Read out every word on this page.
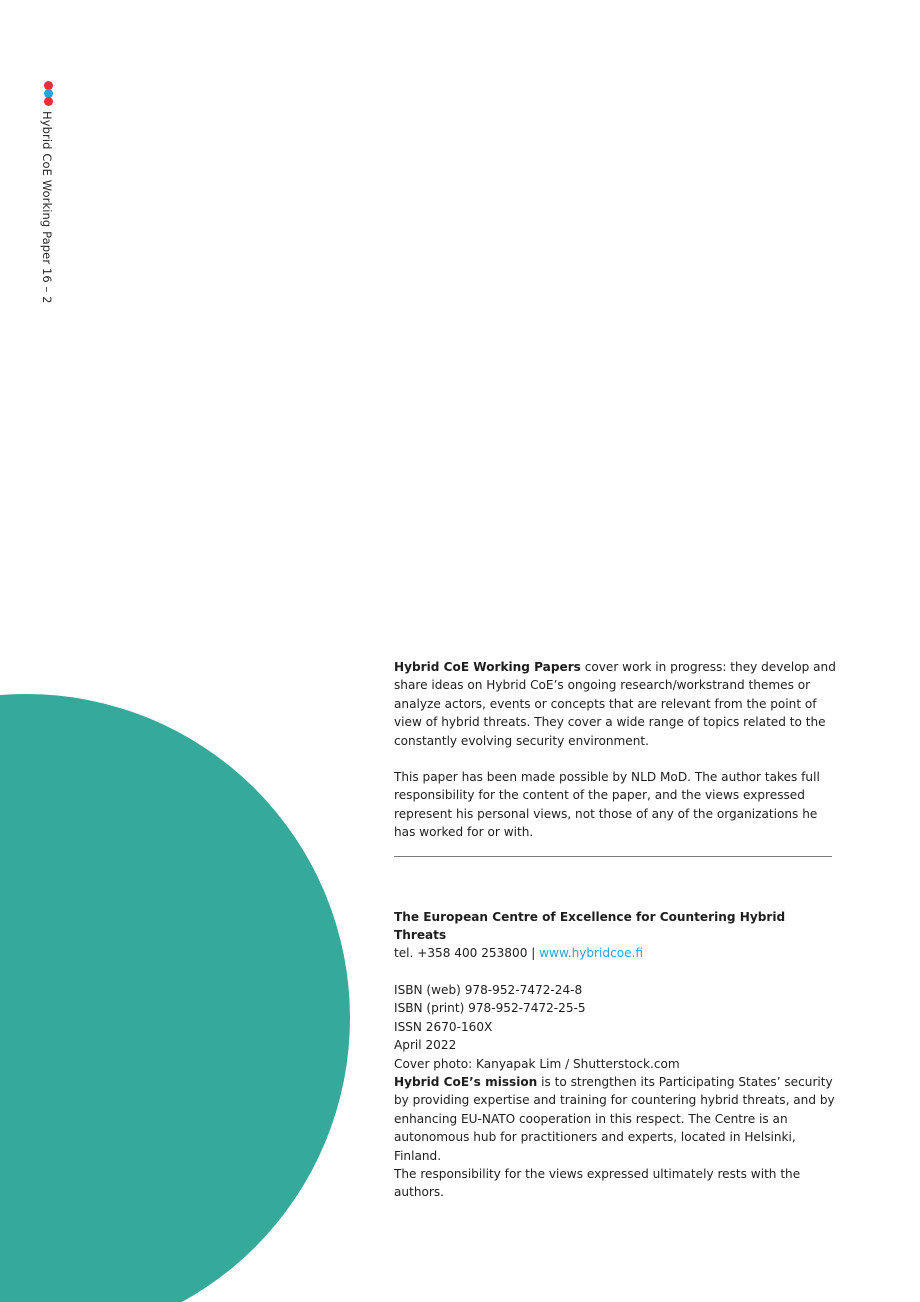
Hybrid CoE Working Paper 16 – 2

Hybrid CoE Working Papers cover work in progress: they develop and share ideas on Hybrid CoE’s ongoing research/workstrand themes or analyze actors, events or concepts that are relevant from the point of view of hybrid threats. They cover a wide range of topics related to the constantly evolving security environment.

This paper has been made possible by NLD MoD. The author takes full responsibility for the content of the paper, and the views expressed represent his personal views, not those of any of the organizations he has worked for or with.

The European Centre of Excellence for Countering Hybrid Threats

tel. +358 400 253800 | www.hybridcoe.fi

ISBN (web) 978-952-7472-24-8

ISBN (print) 978-952-7472-25-5

ISSN 2670-160X

April 2022

Cover photo: Kanyapak Lim / Shutterstock.com

Hybrid CoE’s mission is to strengthen its Participating States’ security by providing expertise and training for countering hybrid threats, and by enhancing EU-NATO cooperation in this respect. The Centre is an autonomous hub for practitioners and experts, located in Helsinki, Finland.

The responsibility for the views expressed ultimately rests with the authors.
